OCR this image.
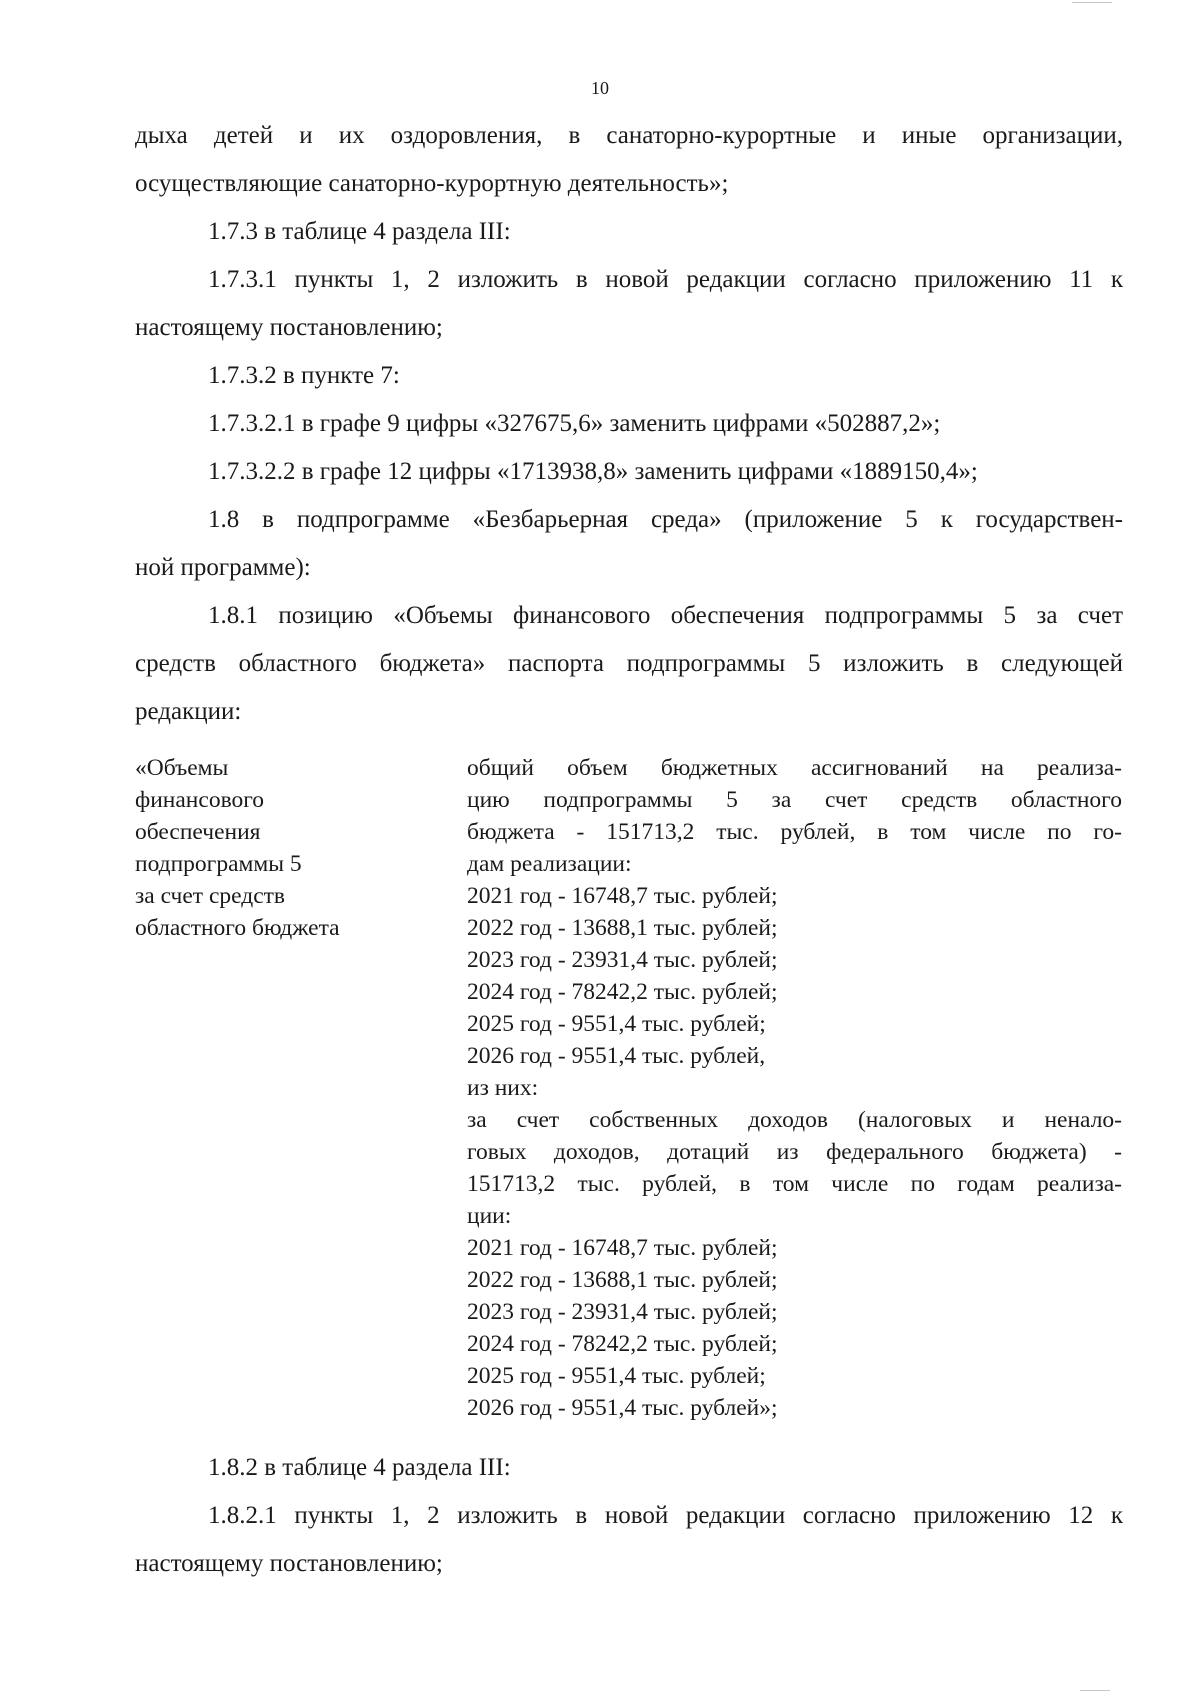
10

дыха детей и их оздоровления, в санаторно-курортные и иные организации,

осуществляющие санаторно-курортную деятельность»;

1.7.3 в таблице 4 раздела III:

1.7.3.1 пункты 1, 2 изложить в новой редакции согласно приложению 11 к

настоящему постановлению;

1.7.3.2 в пункте 7:

1.7.3.2.1 в графе 9 цифры «327675,6» заменить цифрами «502887,2»;

1.7.3.2.2 в графе 12 цифры «1713938,8» заменить цифрами «1889150,4»;

1.8 в подпрограмме «Безбарьерная среда» (приложение 5 к государствен-

ной программе):

1.8.1 позицию «Объемы финансового обеспечения подпрограммы 5 за счет

средств областного бюджета» паспорта подпрограммы 5 изложить в следующей

редакции:

«Объемы
финансового
обеспечения
подпрограммы 5
за счет средств
областного бюджета
общий объем бюджетных ассигнований на реализа-
цию подпрограммы 5 за счет средств областного
бюджета - 151713,2 тыс. рублей, в том числе по го-
дам реализации:
2021 год - 16748,7 тыс. рублей;
2022 год - 13688,1 тыс. рублей;
2023 год - 23931,4 тыс. рублей;
2024 год - 78242,2 тыс. рублей;
2025 год - 9551,4 тыс. рублей;
2026 год - 9551,4 тыс. рублей,
из них:
за счет собственных доходов (налоговых и ненало-
говых доходов, дотаций из федерального бюджета) -
151713,2 тыс. рублей, в том числе по годам реализа-
ции:
2021 год - 16748,7 тыс. рублей;
2022 год - 13688,1 тыс. рублей;
2023 год - 23931,4 тыс. рублей;
2024 год - 78242,2 тыс. рублей;
2025 год - 9551,4 тыс. рублей;
2026 год - 9551,4 тыс. рублей»;

1.8.2 в таблице 4 раздела III:

1.8.2.1 пункты 1, 2 изложить в новой редакции согласно приложению 12 к

настоящему постановлению;
